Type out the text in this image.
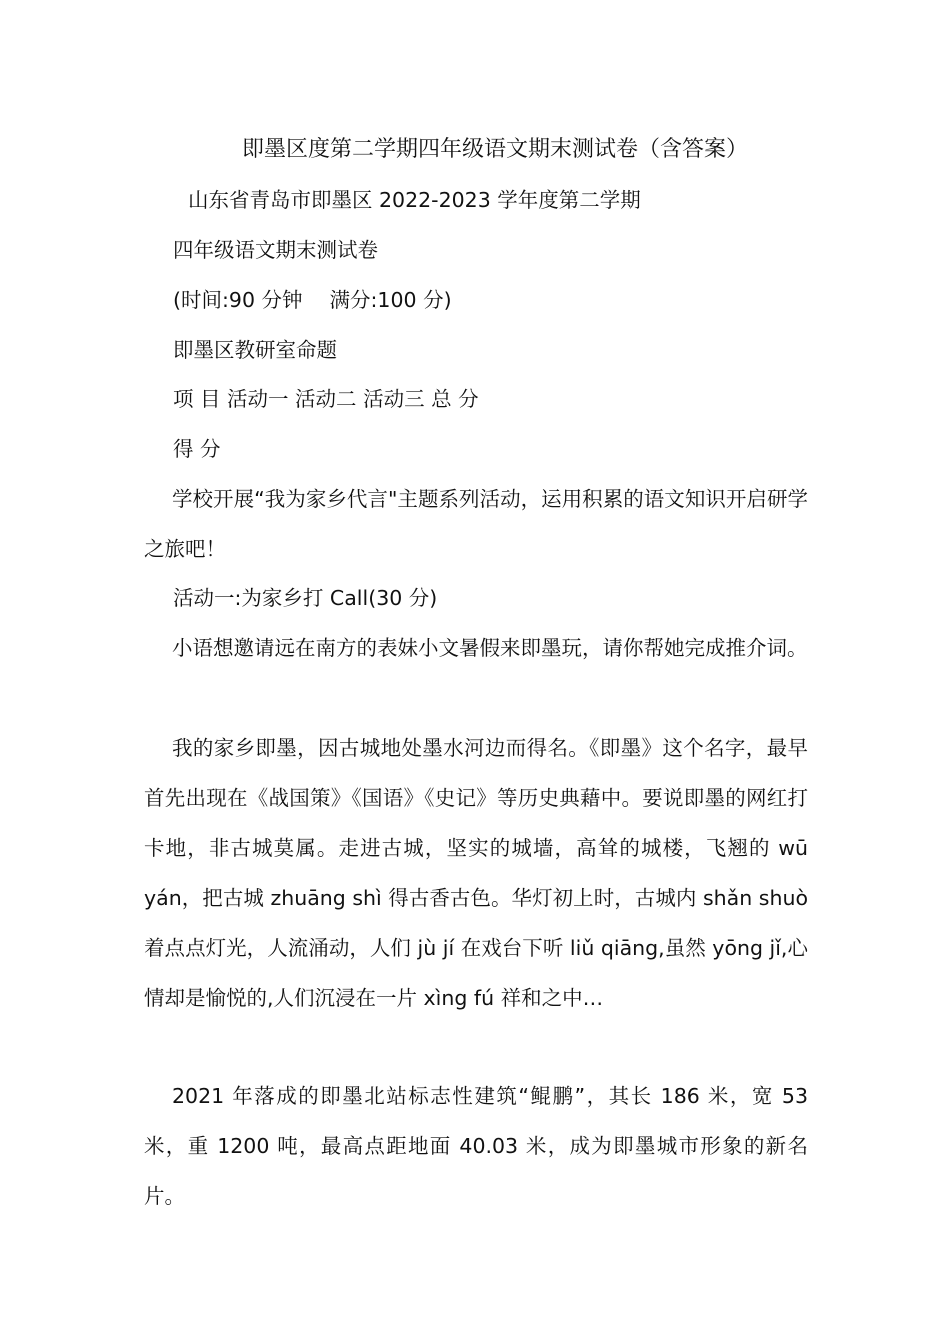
即墨区度第二学期四年级语文期末测试卷（含答案）
山东省青岛市即墨区 2022-2023 学年度第二学期
四年级语文期末测试卷
(时间:90 分钟　 满分:100 分)
即墨区教研室命题
项 目 活动一 活动二 活动三 总 分
得 分

学校开展“我为家乡代言"主题系列活动，运用积累的语文知识开启研学之旅吧！

活动一:为家乡打 Call(30 分)

小语想邀请远在南方的表妹小文暑假来即墨玩，请你帮她完成推介词。

我的家乡即墨，因古城地处墨水河边而得名。《即墨》这个名字，最早首先出现在《战国策》《国语》《史记》等历史典藉中。要说即墨的网红打卡地，非古城莫属。走进古城，坚实的城墙，高耸的城楼，飞翘的 wū yán，把古城 zhuāng shì 得古香古色。华灯初上时，古城内 shǎn shuò 着点点灯光，人流涌动，人们 jù jí 在戏台下听 liǔ qiāng,虽然 yōng jǐ,心情却是愉悦的,人们沉浸在一片 xìng fú 祥和之中…

2021 年落成的即墨北站标志性建筑“鲲鹏”，其长 186 米，宽 53 米，重 1200 吨，最高点距地面 40.03 米，成为即墨城市形象的新名片。
